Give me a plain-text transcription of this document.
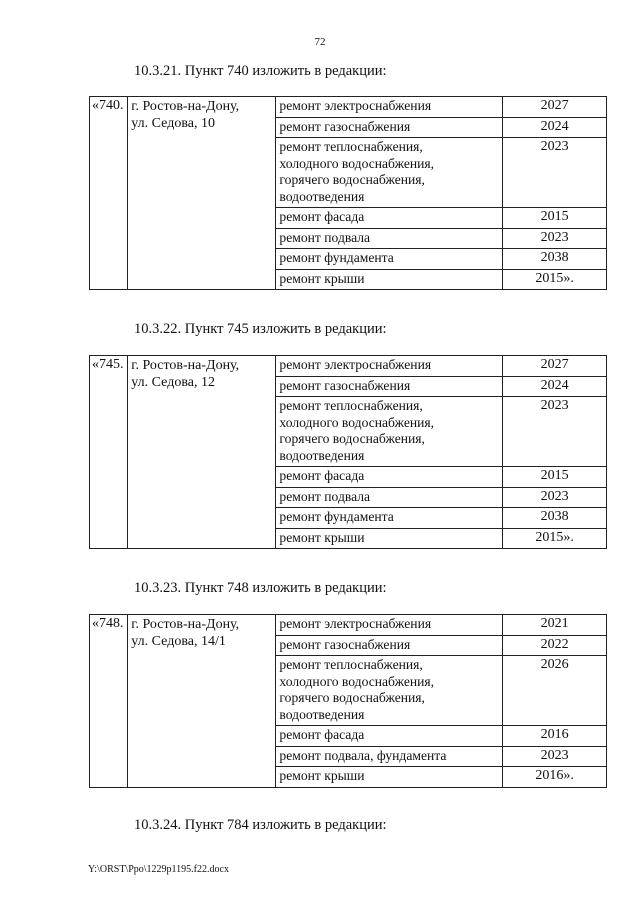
72
10.3.21. Пункт 740 изложить в редакции:
«740.	г. Ростов-на-Дону,
ул. Седова, 10	ремонт электроснабжения	2027

		ремонт газоснабжения	2024

		ремонт теплоснабжения,
холодного водоснабжения,
горячего водоснабжения,
водоотведения	2023

		ремонт фасада	2015

		ремонт подвала	2023

		ремонт фундамента	2038

		ремонт крыши	2015».
10.3.22. Пункт 745 изложить в редакции:
«745.	г. Ростов-на-Дону,
ул. Седова, 12	ремонт электроснабжения	2027

		ремонт газоснабжения	2024

		ремонт теплоснабжения,
холодного водоснабжения,
горячего водоснабжения,
водоотведения	2023

		ремонт фасада	2015

		ремонт подвала	2023

		ремонт фундамента	2038

		ремонт крыши	2015».
10.3.23. Пункт 748 изложить в редакции:
«748.	г. Ростов-на-Дону,
ул. Седова, 14/1	ремонт электроснабжения	2021

		ремонт газоснабжения	2022

		ремонт теплоснабжения,
холодного водоснабжения,
горячего водоснабжения,
водоотведения	2026

		ремонт фасада	2016

		ремонт подвала, фундамента	2023

		ремонт крыши	2016».
10.3.24. Пункт 784 изложить в редакции:
Y:\ORST\Ppo\1229p1195.f22.docx
